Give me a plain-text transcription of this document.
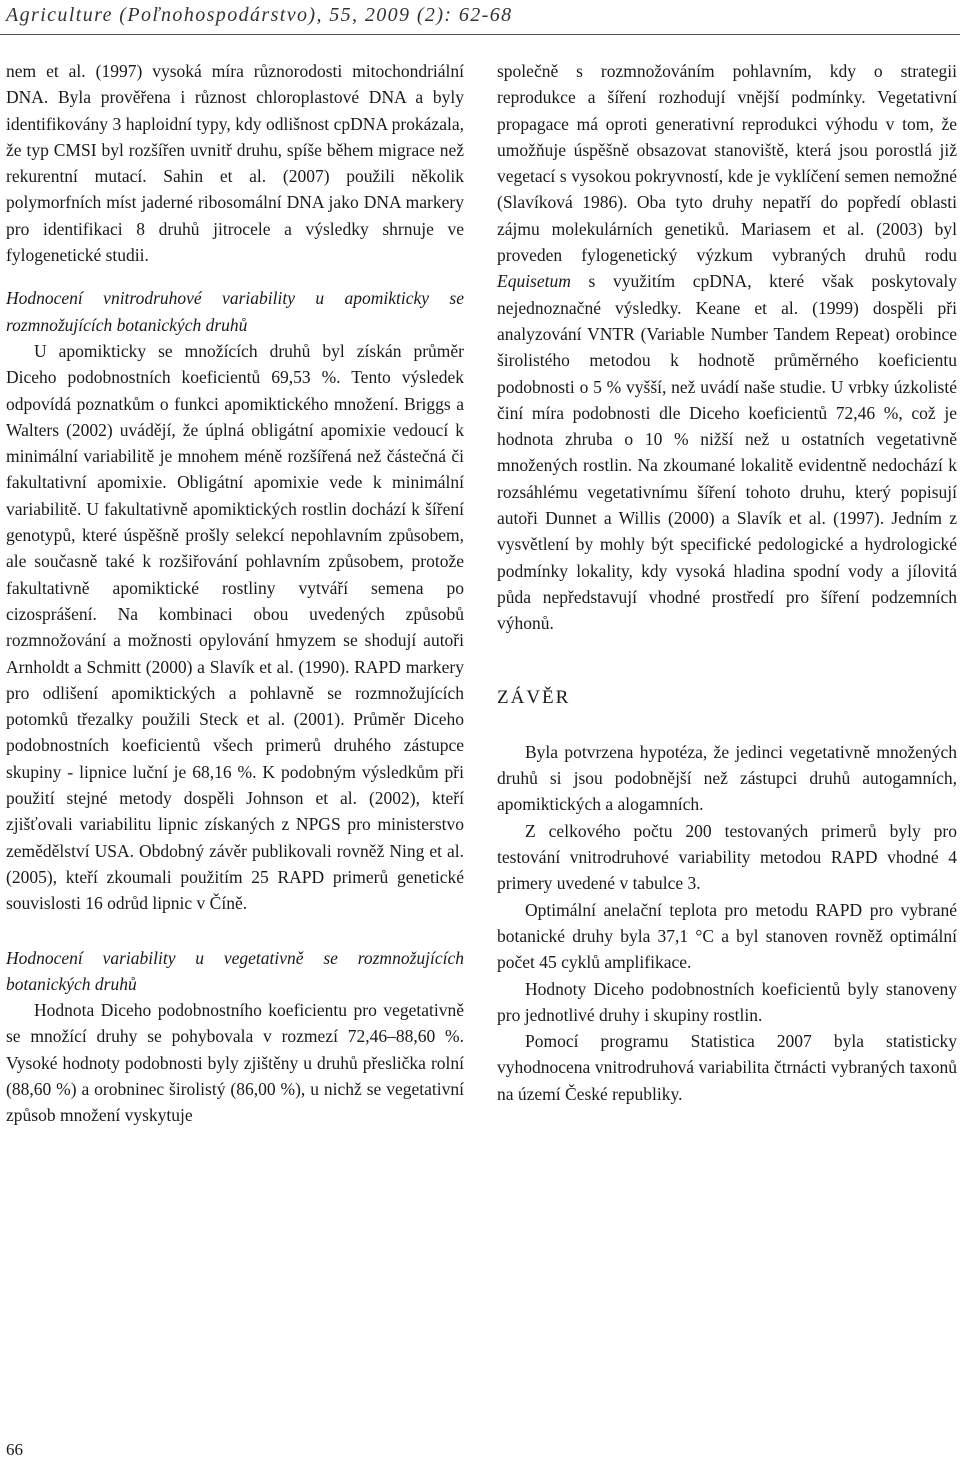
Agriculture (Poľnohospodárstvo), 55, 2009 (2): 62-68

nem et al. (1997) vysoká míra různorodosti mitochondriální DNA. Byla prověřena i různost chloroplastové DNA a byly identifikovány 3 haploidní typy, kdy odlišnost cpDNA prokázala, že typ CMSI byl rozšířen uvnitř druhu, spíše během migrace než rekurentní mutací. Sahin et al. (2007) použili několik polymorfních míst jaderné ribosomální DNA jako DNA markery pro identifikaci 8 druhů jitrocele a výsledky shrnuje ve fylogenetické studii.

Hodnocení vnitrodruhové variability u apomikticky se rozmnožujících botanických druhů

U apomikticky se množících druhů byl získán průměr Diceho podobnostních koeficientů 69,53 %. Tento výsledek odpovídá poznatkům o funkci apomiktického množení. Briggs a Walters (2002) uvádějí, že úplná obligátní apomixie vedoucí k minimální variabilitě je mnohem méně rozšířená než částečná či fakultativní apomixie. Obligátní apomixie vede k minimální variabilitě. U fakultativně apomiktických rostlin dochází k šíření genotypů, které úspěšně prošly selekcí nepohlavním způsobem, ale současně také k rozšiřování pohlavním způsobem, protože fakultativně apomiktické rostliny vytváří semena po cizosprášení. Na kombinaci obou uvedených způsobů rozmnožování a možnosti opylování hmyzem se shodují autoři Arnholdt a Schmitt (2000) a Slavík et al. (1990). RAPD markery pro odlišení apomiktických a pohlavně se rozmnožujících potomků třezalky použili Steck et al. (2001). Průměr Diceho podobnostních koeficientů všech primerů druhého zástupce skupiny - lipnice luční je 68,16 %. K podobným výsledkům při použití stejné metody dospěli Johnson et al. (2002), kteří zjišťovali variabilitu lipnic získaných z NPGS pro ministerstvo zemědělství USA. Obdobný závěr publikovali rovněž Ning et al. (2005), kteří zkoumali použitím 25 RAPD primerů genetické souvislosti 16 odrůd lipnic v Číně.

Hodnocení variability u vegetativně se rozmnožujících botanických druhů

Hodnota Diceho podobnostního koeficientu pro vegetativně se množící druhy se pohybovala v rozmezí 72,46–88,60 %. Vysoké hodnoty podobnosti byly zjištěny u druhů přeslička rolní (88,60 %) a orobninec širolistý (86,00 %), u nichž se vegetativní způsob množení vyskytuje

společně s rozmnožováním pohlavním, kdy o strategii reprodukce a šíření rozhodují vnější podmínky. Vegetativní propagace má oproti generativní reprodukci výhodu v tom, že umožňuje úspěšně obsazovat stanoviště, která jsou porostlá již vegetací s vysokou pokryvností, kde je vyklíčení semen nemožné (Slavíková 1986). Oba tyto druhy nepatří do popředí oblasti zájmu molekulárních genetiků. Mariasem et al. (2003) byl proveden fylogenetický výzkum vybraných druhů rodu Equisetum s využitím cpDNA, které však poskytovaly nejednoznačné výsledky. Keane et al. (1999) dospěli při analyzování VNTR (Variable Number Tandem Repeat) orobince širolistého metodou k hodnotě průměrného koeficientu podobnosti o 5 % vyšší, než uvádí naše studie. U vrbky úzkolisté činí míra podobnosti dle Diceho koeficientů 72,46 %, což je hodnota zhruba o 10 % nižší než u ostatních vegetativně množených rostlin. Na zkoumané lokalitě evidentně nedochází k rozsáhlému vegetativnímu šíření tohoto druhu, který popisují autoři Dunnet a Willis (2000) a Slavík et al. (1997). Jedním z vysvětlení by mohly být specifické pedologické a hydrologické podmínky lokality, kdy vysoká hladina spodní vody a jílovitá půda nepředstavují vhodné prostředí pro šíření podzemních výhonů.

ZÁVĚR

Byla potvrzena hypotéza, že jedinci vegetativně množených druhů si jsou podobnější než zástupci druhů autogamních, apomiktických a alogamních.

Z celkového počtu 200 testovaných primerů byly pro testování vnitrodruhové variability metodou RAPD vhodné 4 primery uvedené v tabulce 3.

Optimální anelační teplota pro metodu RAPD pro vybrané botanické druhy byla 37,1 °C a byl stanoven rovněž optimální počet 45 cyklů amplifikace.

Hodnoty Diceho podobnostních koeficientů byly stanoveny pro jednotlivé druhy i skupiny rostlin.

Pomocí programu Statistica 2007 byla statisticky vyhodnocena vnitrodruhová variabilita čtrnácti vybraných taxonů na území České republiky.

66
